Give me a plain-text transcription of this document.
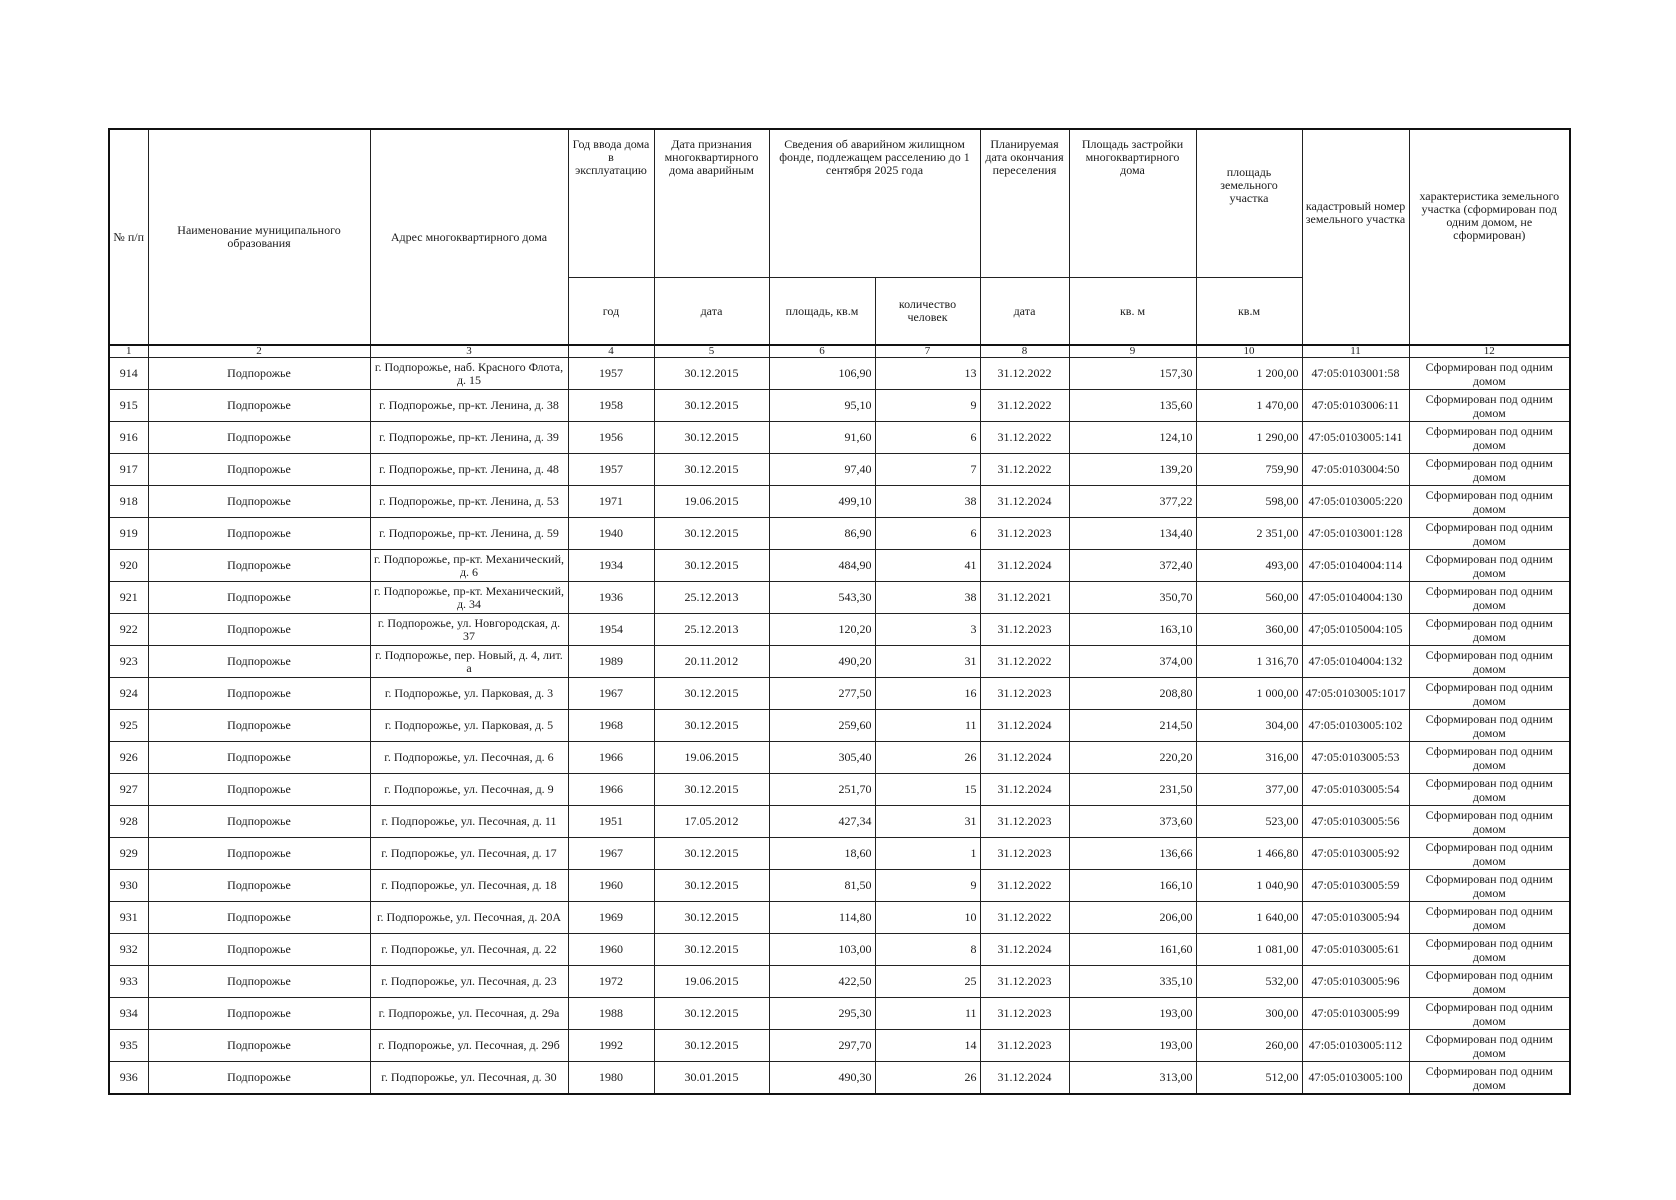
№ п/п	Наименование муниципального образования	Адрес многоквартирного дома	Год ввода дома в эксплуатацию	Дата признания многоквартирного дома аварийным	Сведения об аварийном жилищном фонде, подлежащем расселению до 1 сентября 2025 года		Планируемая дата окончания переселения	Площадь застройки многоквартирного дома	площадь земельного участка	кадастровый номер земельного участка	характеристика земельного участка (сформирован под одним домом, не сформирован)
			год	дата	площадь, кв.м	количество человек	дата	кв. м	кв.м		
1	2	3	4	5	6	7	8	9	10	11	12
914	Подпорожье	г. Подпорожье, наб. Красного Флота, д. 15	1957	30.12.2015	106,90	13	31.12.2022	157,30	1 200,00	47:05:0103001:58	Сформирован под одним домом
915	Подпорожье	г. Подпорожье, пр-кт. Ленина, д. 38	1958	30.12.2015	95,10	9	31.12.2022	135,60	1 470,00	47:05:0103006:11	Сформирован под одним домом
916	Подпорожье	г. Подпорожье, пр-кт. Ленина, д. 39	1956	30.12.2015	91,60	6	31.12.2022	124,10	1 290,00	47:05:0103005:141	Сформирован под одним домом
917	Подпорожье	г. Подпорожье, пр-кт. Ленина, д. 48	1957	30.12.2015	97,40	7	31.12.2022	139,20	759,90	47:05:0103004:50	Сформирован под одним домом
918	Подпорожье	г. Подпорожье, пр-кт. Ленина, д. 53	1971	19.06.2015	499,10	38	31.12.2024	377,22	598,00	47:05:0103005:220	Сформирован под одним домом
919	Подпорожье	г. Подпорожье, пр-кт. Ленина, д. 59	1940	30.12.2015	86,90	6	31.12.2023	134,40	2 351,00	47:05:0103001:128	Сформирован под одним домом
920	Подпорожье	г. Подпорожье, пр-кт. Механический, д. 6	1934	30.12.2015	484,90	41	31.12.2024	372,40	493,00	47:05:0104004:114	Сформирован под одним домом
921	Подпорожье	г. Подпорожье, пр-кт. Механический, д. 34	1936	25.12.2013	543,30	38	31.12.2021	350,70	560,00	47:05:0104004:130	Сформирован под одним домом
922	Подпорожье	г. Подпорожье, ул. Новгородская, д. 37	1954	25.12.2013	120,20	3	31.12.2023	163,10	360,00	47;05:0105004:105	Сформирован под одним домом
923	Подпорожье	г. Подпорожье, пер. Новый, д. 4, лит. а	1989	20.11.2012	490,20	31	31.12.2022	374,00	1 316,70	47:05:0104004:132	Сформирован под одним домом
924	Подпорожье	г. Подпорожье, ул. Парковая, д. 3	1967	30.12.2015	277,50	16	31.12.2023	208,80	1 000,00	47:05:0103005:1017	Сформирован под одним домом
925	Подпорожье	г. Подпорожье, ул. Парковая, д. 5	1968	30.12.2015	259,60	11	31.12.2024	214,50	304,00	47:05:0103005:102	Сформирован под одним домом
926	Подпорожье	г. Подпорожье, ул. Песочная, д. 6	1966	19.06.2015	305,40	26	31.12.2024	220,20	316,00	47:05:0103005:53	Сформирован под одним домом
927	Подпорожье	г. Подпорожье, ул. Песочная, д. 9	1966	30.12.2015	251,70	15	31.12.2024	231,50	377,00	47:05:0103005:54	Сформирован под одним домом
928	Подпорожье	г. Подпорожье, ул. Песочная, д. 11	1951	17.05.2012	427,34	31	31.12.2023	373,60	523,00	47:05:0103005:56	Сформирован под одним домом
929	Подпорожье	г. Подпорожье, ул. Песочная, д. 17	1967	30.12.2015	18,60	1	31.12.2023	136,66	1 466,80	47:05:0103005:92	Сформирован под одним домом
930	Подпорожье	г. Подпорожье, ул. Песочная, д. 18	1960	30.12.2015	81,50	9	31.12.2022	166,10	1 040,90	47:05:0103005:59	Сформирован под одним домом
931	Подпорожье	г. Подпорожье, ул. Песочная, д. 20А	1969	30.12.2015	114,80	10	31.12.2022	206,00	1 640,00	47:05:0103005:94	Сформирован под одним домом
932	Подпорожье	г. Подпорожье, ул. Песочная, д. 22	1960	30.12.2015	103,00	8	31.12.2024	161,60	1 081,00	47:05:0103005:61	Сформирован под одним домом
933	Подпорожье	г. Подпорожье, ул. Песочная, д. 23	1972	19.06.2015	422,50	25	31.12.2023	335,10	532,00	47:05:0103005:96	Сформирован под одним домом
934	Подпорожье	г. Подпорожье, ул. Песочная, д. 29а	1988	30.12.2015	295,30	11	31.12.2023	193,00	300,00	47:05:0103005:99	Сформирован под одним домом
935	Подпорожье	г. Подпорожье, ул. Песочная, д. 29б	1992	30.12.2015	297,70	14	31.12.2023	193,00	260,00	47:05:0103005:112	Сформирован под одним домом
936	Подпорожье	г. Подпорожье, ул. Песочная, д. 30	1980	30.01.2015	490,30	26	31.12.2024	313,00	512,00	47:05:0103005:100	Сформирован под одним домом
